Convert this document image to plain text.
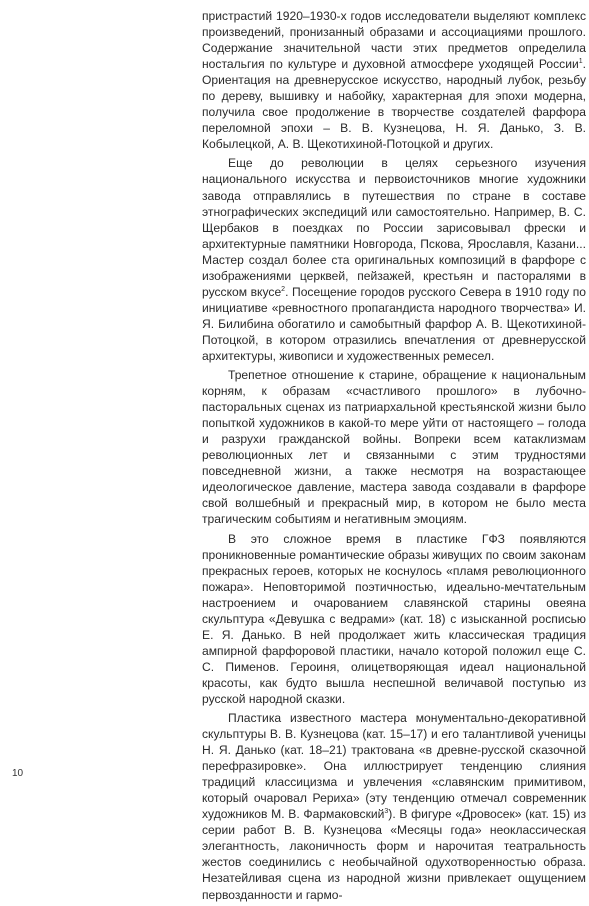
пристрастий 1920–1930-х годов исследователи выделяют комплекс произведений, пронизанный образами и ассоциациями прошлого. Содержание значительной части этих предметов определила ностальгия по культуре и духовной атмосфере уходящей России$^1$. Ориентация на древнерусское искусство, народный лубок, резьбу по дереву, вышивку и набойку, характерная для эпохи модерна, получила свое продолжение в творчестве создателей фарфора переломной эпохи – В. В. Кузнецова, Н. Я. Данько, З. В. Кобылецкой, А. В. Щекотихиной-Потоцкой и других.

Еще до революции в целях серьезного изучения национального искусства и первоисточников многие художники завода отправлялись в путешествия по стране в составе этнографических экспедиций или самостоятельно. Например, В. С. Щербаков в поездках по России зарисовывал фрески и архитектурные памятники Новгорода, Пскова, Ярославля, Казани... Мастер создал более ста оригинальных композиций в фарфоре с изображениями церквей, пейзажей, крестьян и пастoралями в русском вкусе$^2$. Посещение городов русского Севера в 1910 году по инициативе «ревностного пропагандиста народного творчества» И. Я. Билибина обогатило и самобытный фарфор А. В. Щекотихиной-Потоцкой, в котором отразились впечатления от древнерусской архитектуры, живописи и художественных ремесел.

Трепетное отношение к старине, обращение к национальным корням, к образам «счастливого прошлого» в лубочно-пасторальных сценах из патриархальной крестьянской жизни было попыткой художников в какой-то мере уйти от настоящего – голода и разрухи гражданской войны. Вопреки всем катаклизмам революционных лет и связанными с этим трудностями повседневной жизни, а также несмотря на возрастающее идеологическое давление, мастера завода создавали в фарфоре свой волшебный и прекрасный мир, в котором не было места трагическим событиям и негативным эмоциям.

В это сложное время в пластике ГФЗ появляются проникновенные романтические образы живущих по своим законам прекрасных героев, которых не коснулось «пламя революционного пожара». Неповторимой поэтичностью, идеально-мечтательным настроением и очарованием славянской старины овеяна скульптура «Девушка с ведрами» (кат. 18) с изысканной росписью Е. Я. Данько. В ней продолжает жить классическая традиция ампирной фарфоровой пластики, начало которой положил еще С. С. Пименов. Героиня, олицетворяющая идеал национальной красоты, как будто вышла неспешной величавой поступью из русской народной сказки.

Пластика известного мастера монументально-декоративной скульптуры В. В. Кузнецова (кат. 15–17) и его талантливой ученицы Н. Я. Данько (кат. 18–21) трактована «в древне-русской сказочной перефразировке». Она иллюстрирует тенденцию слияния традиций классицизма и увлечения «славянским примитивом, который очаровал Рериха» (эту тенденцию отмечал современник художников М. В. Фармаковский$^3$). В фигуре «Дровосек» (кат. 15) из серии работ В. В. Кузнецова «Месяцы года» неоклассическая элегантность, лаконичность форм и нарочитая театральность жестов соединились с необычайной одухотворенностью образа. Незатейливая сцена из народной жизни привлекает ощущением первозданности и гармо-

10
